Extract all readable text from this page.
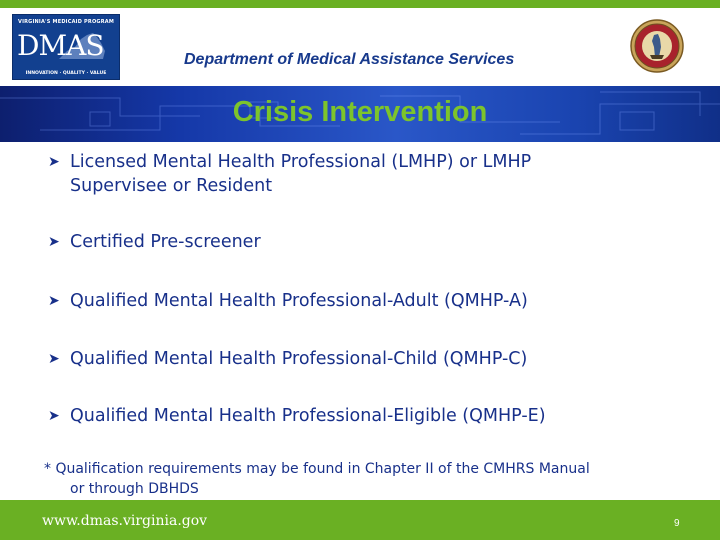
VIRGINIA'S MEDICAID PROGRAM
DMAS
INNOVATION · QUALITY · VALUE
Department of Medical Assistance Services
Crisis Intervention
➤ Licensed Mental Health Professional (LMHP) or LMHP
Supervisee or Resident
➤ Certified Pre-screener
➤ Qualified Mental Health Professional-Adult (QMHP-A)
➤ Qualified Mental Health Professional-Child (QMHP-C)
➤ Qualified Mental Health Professional-Eligible (QMHP-E)
* Qualification requirements may be found in Chapter II of the CMHRS Manual
or through DBHDS
www.dmas.virginia.gov	9
